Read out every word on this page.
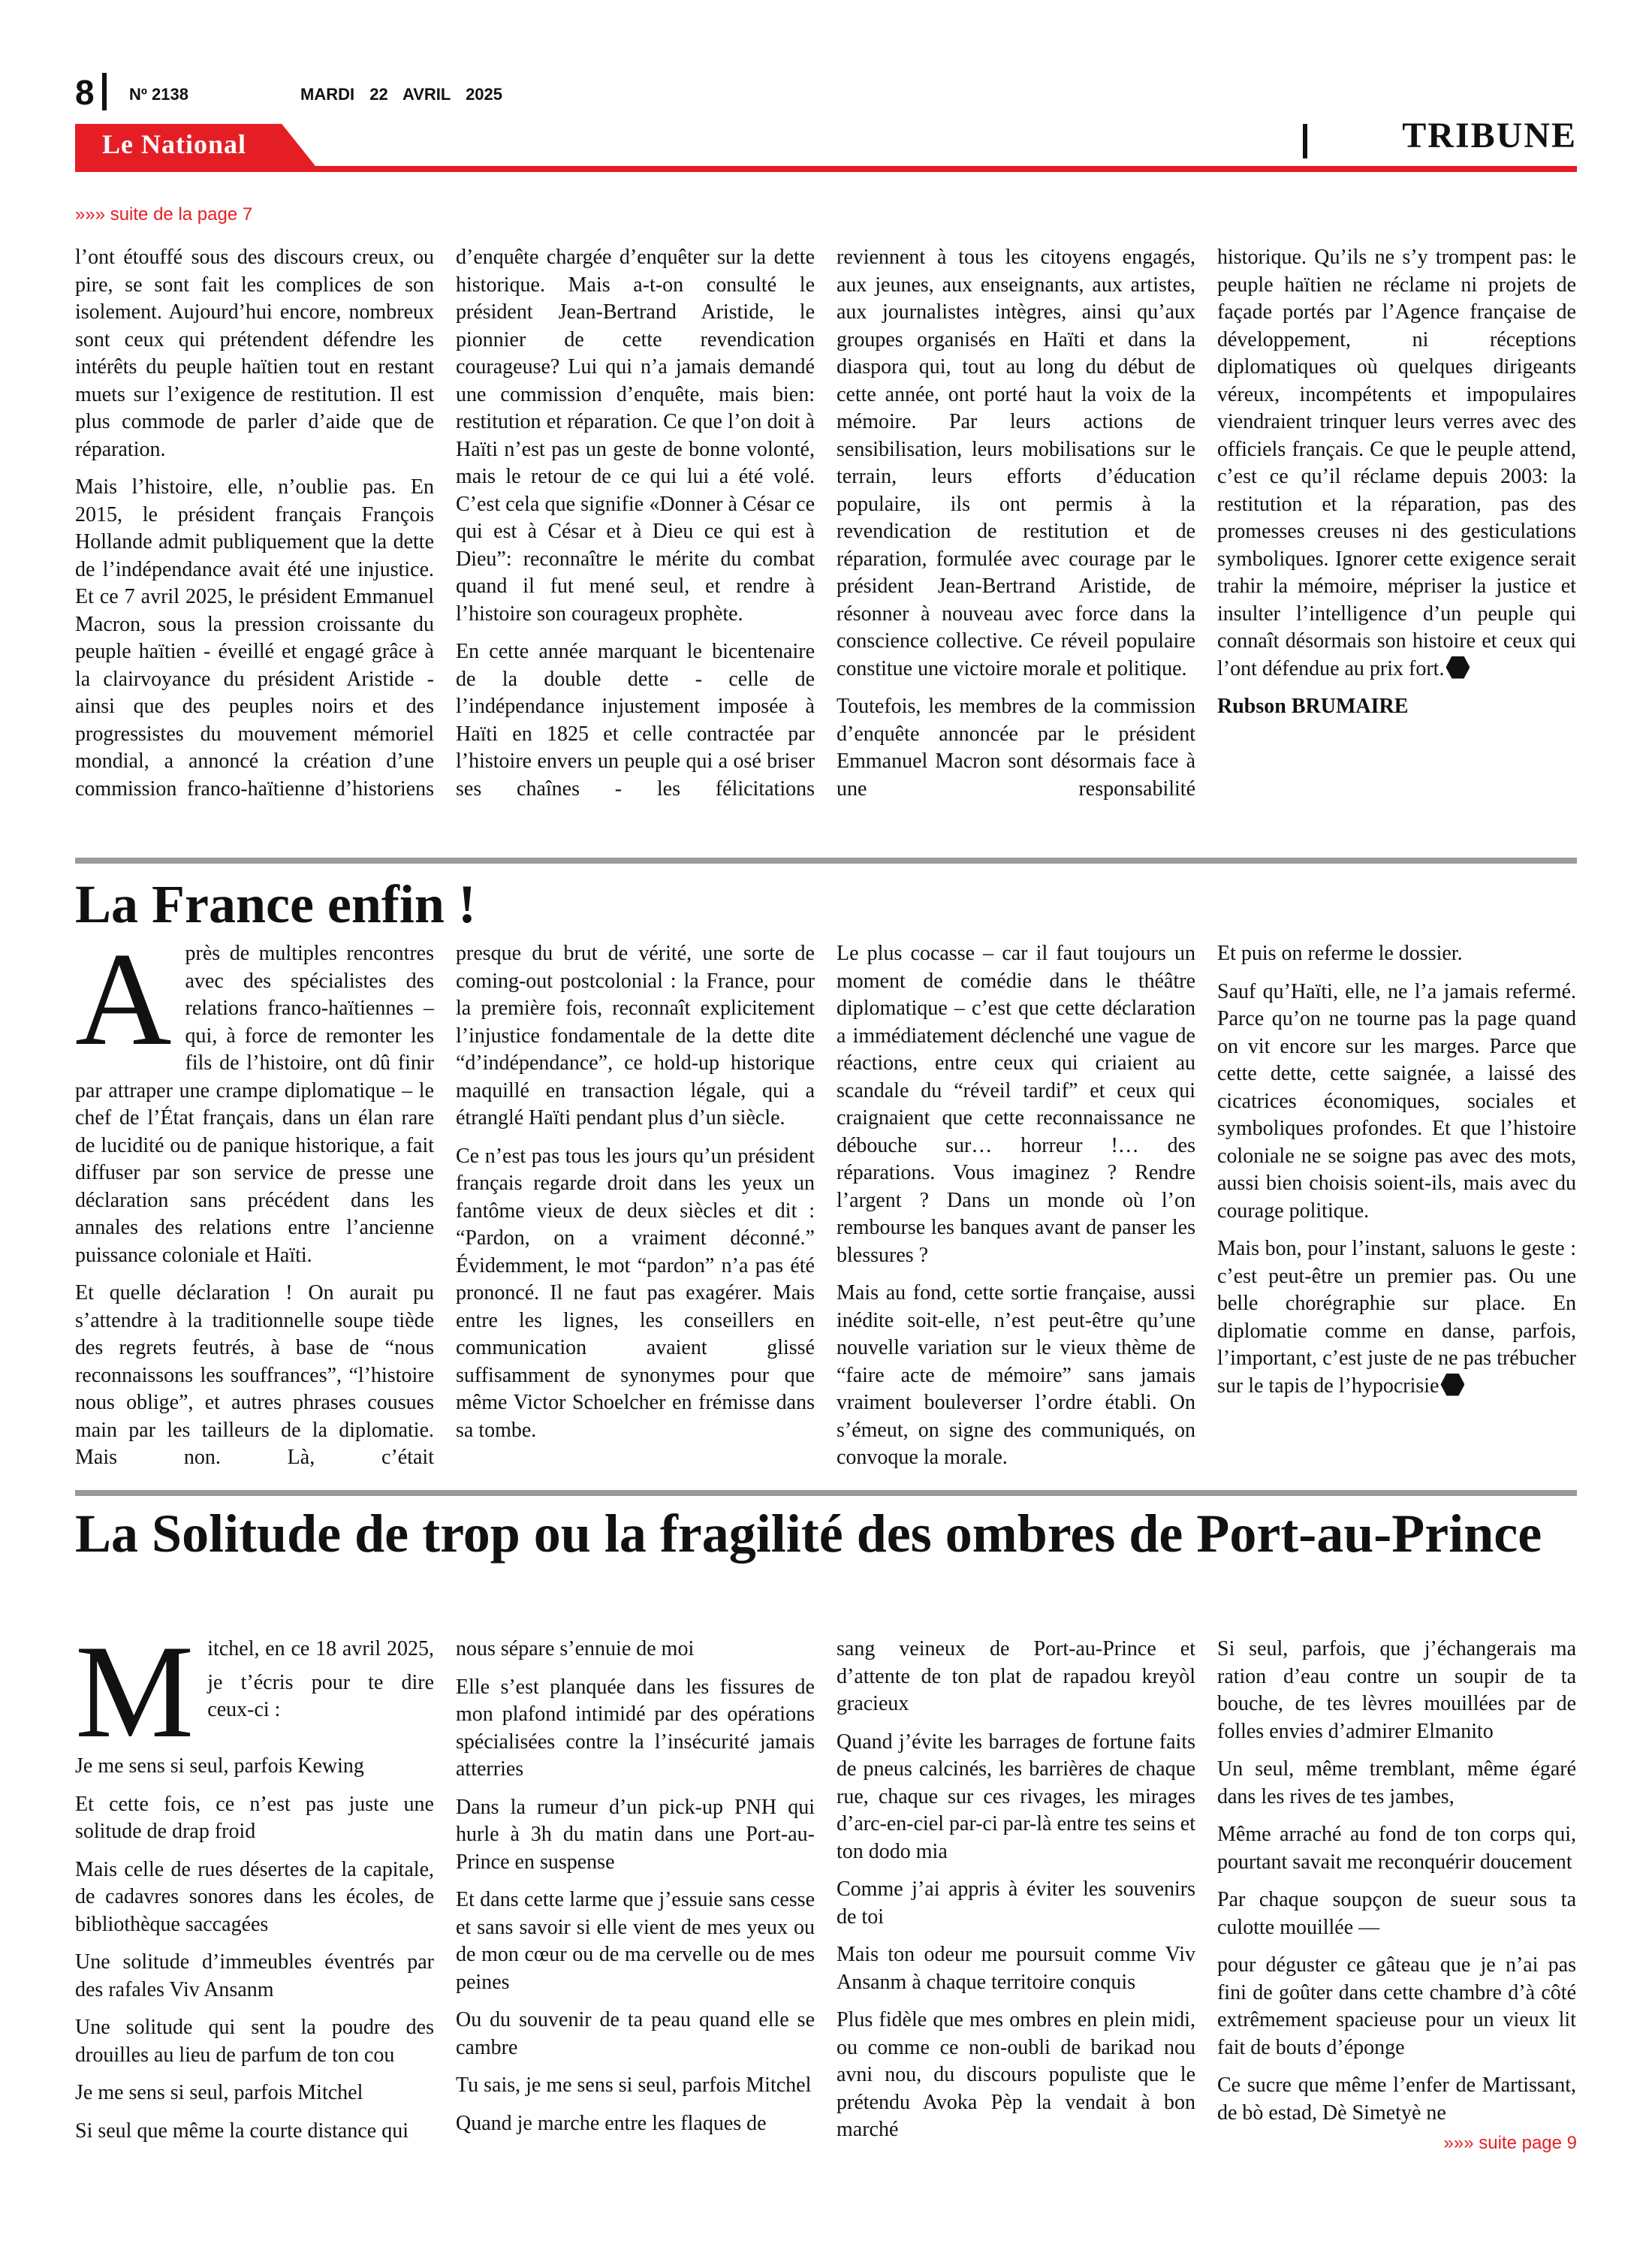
8 Nº 2138	MARDI 22 AVRIL 2025
Le National	TRIBUNE
»»» suite de la page 7

l’ont étouffé sous des discours creux, ou pire, se sont fait les complices de son isolement. Aujourd’hui encore, nombreux sont ceux qui prétendent défendre les intérêts du peuple haïtien tout en restant muets sur l’exigence de restitution. Il est plus commode de parler d’aide que de réparation.

Mais l’histoire, elle, n’oublie pas. En 2015, le président français François Hollande admit publiquement que la dette de l’indépendance avait été une injustice. Et ce 7 avril 2025, le président Emmanuel Macron, sous la pression croissante du peuple haïtien - éveillé et engagé grâce à la clairvoyance du président Aristide - ainsi que des peuples noirs et des progressistes du mouvement mémoriel mondial, a annoncé la création d’une commission franco-haïtienne d’historiens

d’enquête chargée d’enquêter sur la dette historique. Mais a-t-on consulté le président Jean-Bertrand Aristide, le pionnier de cette revendication courageuse? Lui qui n’a jamais demandé une commission d’enquête, mais bien: restitution et réparation. Ce que l’on doit à Haïti n’est pas un geste de bonne volonté, mais le retour de ce qui lui a été volé. C’est cela que signifie «Donner à César ce qui est à César et à Dieu ce qui est à Dieu”: reconnaître le mérite du combat quand il fut mené seul, et rendre à l’histoire son courageux prophète.

En cette année marquant le bicentenaire de la double dette - celle de l’indépendance injustement imposée à Haïti en 1825 et celle contractée par l’histoire envers un peuple qui a osé briser ses chaînes - les félicitations

reviennent à tous les citoyens engagés, aux jeunes, aux enseignants, aux artistes, aux journalistes intègres, ainsi qu’aux groupes organisés en Haïti et dans la diaspora qui, tout au long du début de cette année, ont porté haut la voix de la mémoire. Par leurs actions de sensibilisation, leurs mobilisations sur le terrain, leurs efforts d’éducation populaire, ils ont permis à la revendication de restitution et de réparation, formulée avec courage par le président Jean-Bertrand Aristide, de résonner à nouveau avec force dans la conscience collective. Ce réveil populaire constitue une victoire morale et politique.

Toutefois, les membres de la commission d’enquête annoncée par le président Emmanuel Macron sont désormais face à une responsabilité

historique. Qu’ils ne s’y trompent pas: le peuple haïtien ne réclame ni projets de façade portés par l’Agence française de développement, ni réceptions diplomatiques où quelques dirigeants véreux, incompétents et impopulaires viendraient trinquer leurs verres avec des officiels français. Ce que le peuple attend, c’est ce qu’il réclame depuis 2003: la restitution et la réparation, pas des promesses creuses ni des gesticulations symboliques. Ignorer cette exigence serait trahir la mémoire, mépriser la justice et insulter l’intelligence d’un peuple qui connaît désormais son histoire et ceux qui l’ont défendue au prix fort.

Rubson BRUMAIRE

La France enfin !

Après de multiples rencontres avec des spécialistes des relations franco-haïtiennes – qui, à force de remonter les fils de l’histoire, ont dû finir par attraper une crampe diplomatique – le chef de l’État français, dans un élan rare de lucidité ou de panique historique, a fait diffuser par son service de presse une déclaration sans précédent dans les annales des relations entre l’ancienne puissance coloniale et Haïti.

Et quelle déclaration ! On aurait pu s’attendre à la traditionnelle soupe tiède des regrets feutrés, à base de “nous reconnaissons les souffrances”, “l’histoire nous oblige”, et autres phrases cousues main par les tailleurs de la diplomatie. Mais non. Là, c’était

presque du brut de vérité, une sorte de coming-out postcolonial : la France, pour la première fois, reconnaît explicitement l’injustice fondamentale de la dette dite “d’indépendance”, ce hold-up historique maquillé en transaction légale, qui a étranglé Haïti pendant plus d’un siècle.

Ce n’est pas tous les jours qu’un président français regarde droit dans les yeux un fantôme vieux de deux siècles et dit : “Pardon, on a vraiment déconné.” Évidemment, le mot “pardon” n’a pas été prononcé. Il ne faut pas exagérer. Mais entre les lignes, les conseillers en communication avaient glissé suffisamment de synonymes pour que même Victor Schoelcher en frémisse dans sa tombe.

Le plus cocasse – car il faut toujours un moment de comédie dans le théâtre diplomatique – c’est que cette déclaration a immédiatement déclenché une vague de réactions, entre ceux qui criaient au scandale du “réveil tardif” et ceux qui craignaient que cette reconnaissance ne débouche sur… horreur !… des réparations. Vous imaginez ? Rendre l’argent ? Dans un monde où l’on rembourse les banques avant de panser les blessures ?

Mais au fond, cette sortie française, aussi inédite soit-elle, n’est peut-être qu’une nouvelle variation sur le vieux thème de “faire acte de mémoire” sans jamais vraiment bouleverser l’ordre établi. On s’émeut, on signe des communiqués, on convoque la morale.

Et puis on referme le dossier.

Sauf qu’Haïti, elle, ne l’a jamais refermé. Parce qu’on ne tourne pas la page quand on vit encore sur les marges. Parce que cette dette, cette saignée, a laissé des cicatrices économiques, sociales et symboliques profondes. Et que l’histoire coloniale ne se soigne pas avec des mots, aussi bien choisis soient-ils, mais avec du courage politique.

Mais bon, pour l’instant, saluons le geste : c’est peut-être un premier pas. Ou une belle chorégraphie sur place. En diplomatie comme en danse, parfois, l’important, c’est juste de ne pas trébucher sur le tapis de l’hypocrisie

La Solitude de trop ou la fragilité des ombres de Port-au-Prince
M itchel, en ce 18 avril 2025,

je t’écris pour te dire ceux-ci :

Je me sens si seul, parfois Kewing

Et cette fois, ce n’est pas juste une solitude de drap froid

Mais celle de rues désertes de la capitale, de cadavres sonores dans les écoles, de bibliothèque saccagées

Une solitude d’immeubles éventrés par des rafales Viv Ansanm

Une solitude qui sent la poudre des drouilles au lieu de parfum de ton cou

Je me sens si seul, parfois Mitchel

Si seul que même la courte distance qui

nous sépare s’ennuie de moi

Elle s’est planquée dans les fissures de mon plafond intimidé par des opérations spécialisées contre la l’insécurité jamais atterries

Dans la rumeur d’un pick-up PNH qui hurle à 3h du matin dans une Port-au-Prince en suspense

Et dans cette larme que j’essuie sans cesse et sans savoir si elle vient de mes yeux ou de mon cœur ou de ma cervelle ou de mes peines

Ou du souvenir de ta peau quand elle se cambre

Tu sais, je me sens si seul, parfois Mitchel

Quand je marche entre les flaques de

sang veineux de Port-au-Prince et d’attente de ton plat de rapadou kreyòl gracieux

Quand j’évite les barrages de fortune faits de pneus calcinés, les barrières de chaque rue, chaque sur ces rivages, les mirages d’arc-en-ciel par-ci par-là entre tes seins et ton dodo mia

Comme j’ai appris à éviter les souvenirs de toi

Mais ton odeur me poursuit comme Viv Ansanm à chaque territoire conquis

Plus fidèle que mes ombres en plein midi, ou comme ce non-oubli de barikad nou avni nou, du discours populiste que le prétendu Avoka Pèp la vendait à bon marché

Si seul, parfois, que j’échangerais ma ration d’eau contre un soupir de ta bouche, de tes lèvres mouillées par de folles envies d’admirer Elmanito

Un seul, même tremblant, même égaré dans les rives de tes jambes,

Même arraché au fond de ton corps qui, pourtant savait me reconquérir doucement

Par chaque soupçon de sueur sous ta culotte mouillée —

pour déguster ce gâteau que je n’ai pas fini de goûter dans cette chambre d’à côté extrêmement spacieuse pour un vieux lit fait de bouts d’éponge

Ce sucre que même l’enfer de Martissant, de bò estad, Dè Simetyè ne

»»» suite page 9
